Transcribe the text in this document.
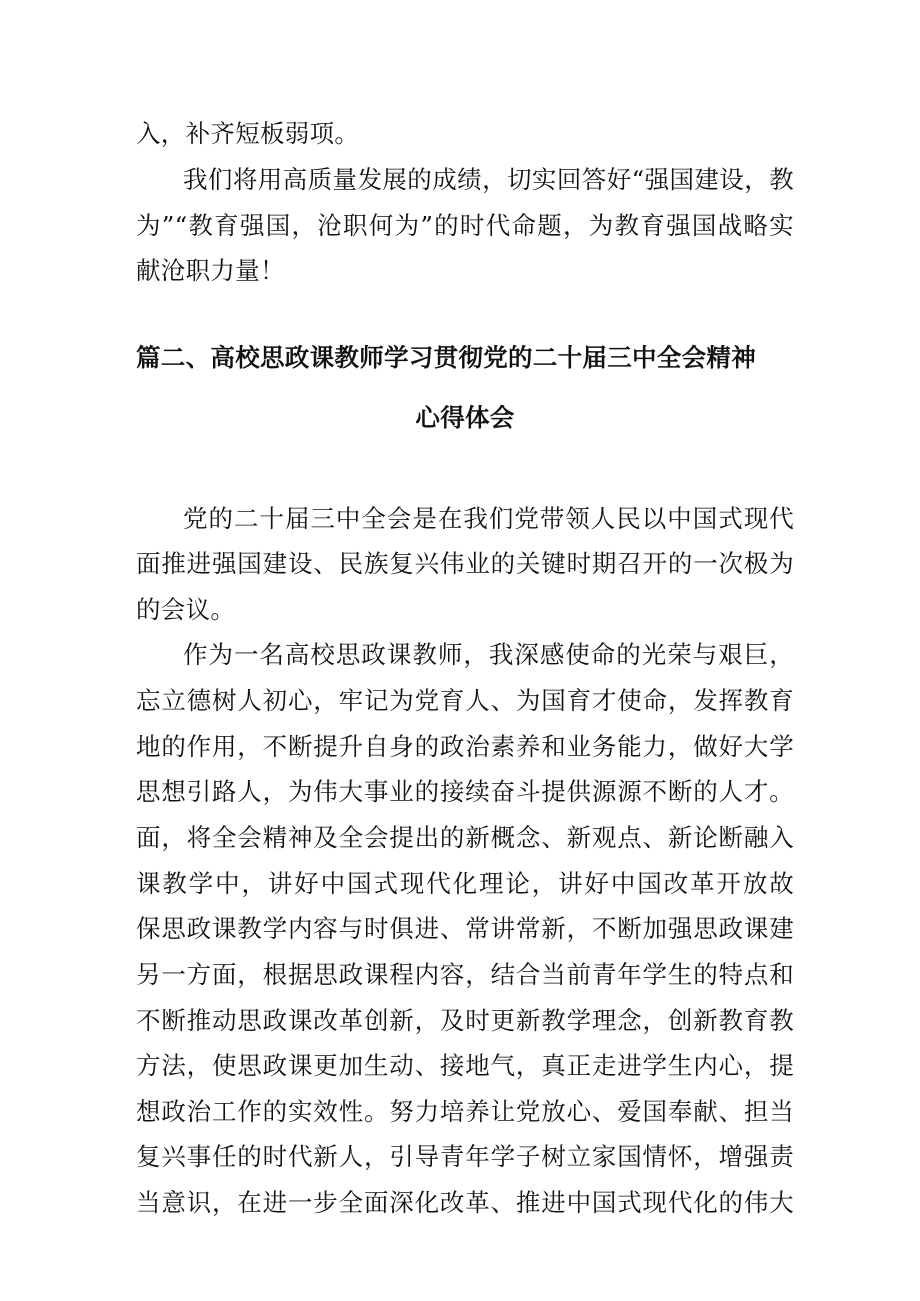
入，补齐短板弱项。
我们将用高质量发展的成绩，切实回答好“强国建设，教
为”“教育强国，沧职何为”的时代命题，为教育强国战略实
献沧职力量！
篇二、高校思政课教师学习贯彻党的二十届三中全会精神
心得体会
党的二十届三中全会是在我们党带领人民以中国式现代
面推进强国建设、民族复兴伟业的关键时期召开的一次极为
的会议。
作为一名高校思政课教师，我深感使命的光荣与艰巨，
忘立德树人初心，牢记为党育人、为国育才使命，发挥教育
地的作用，不断提升自身的政治素养和业务能力，做好大学
思想引路人，为伟大事业的接续奋斗提供源源不断的人才。
面，将全会精神及全会提出的新概念、新观点、新论断融入
课教学中，讲好中国式现代化理论，讲好中国改革开放故
保思政课教学内容与时俱进、常讲常新，不断加强思政课建
另一方面，根据思政课程内容，结合当前青年学生的特点和
不断推动思政课改革创新，及时更新教学理念，创新教育教
方法，使思政课更加生动、接地气，真正走进学生内心，提
想政治工作的实效性。努力培养让党放心、爱国奉献、担当
复兴事任的时代新人，引导青年学子树立家国情怀，增强责
当意识，在进一步全面深化改革、推进中国式现代化的伟大
